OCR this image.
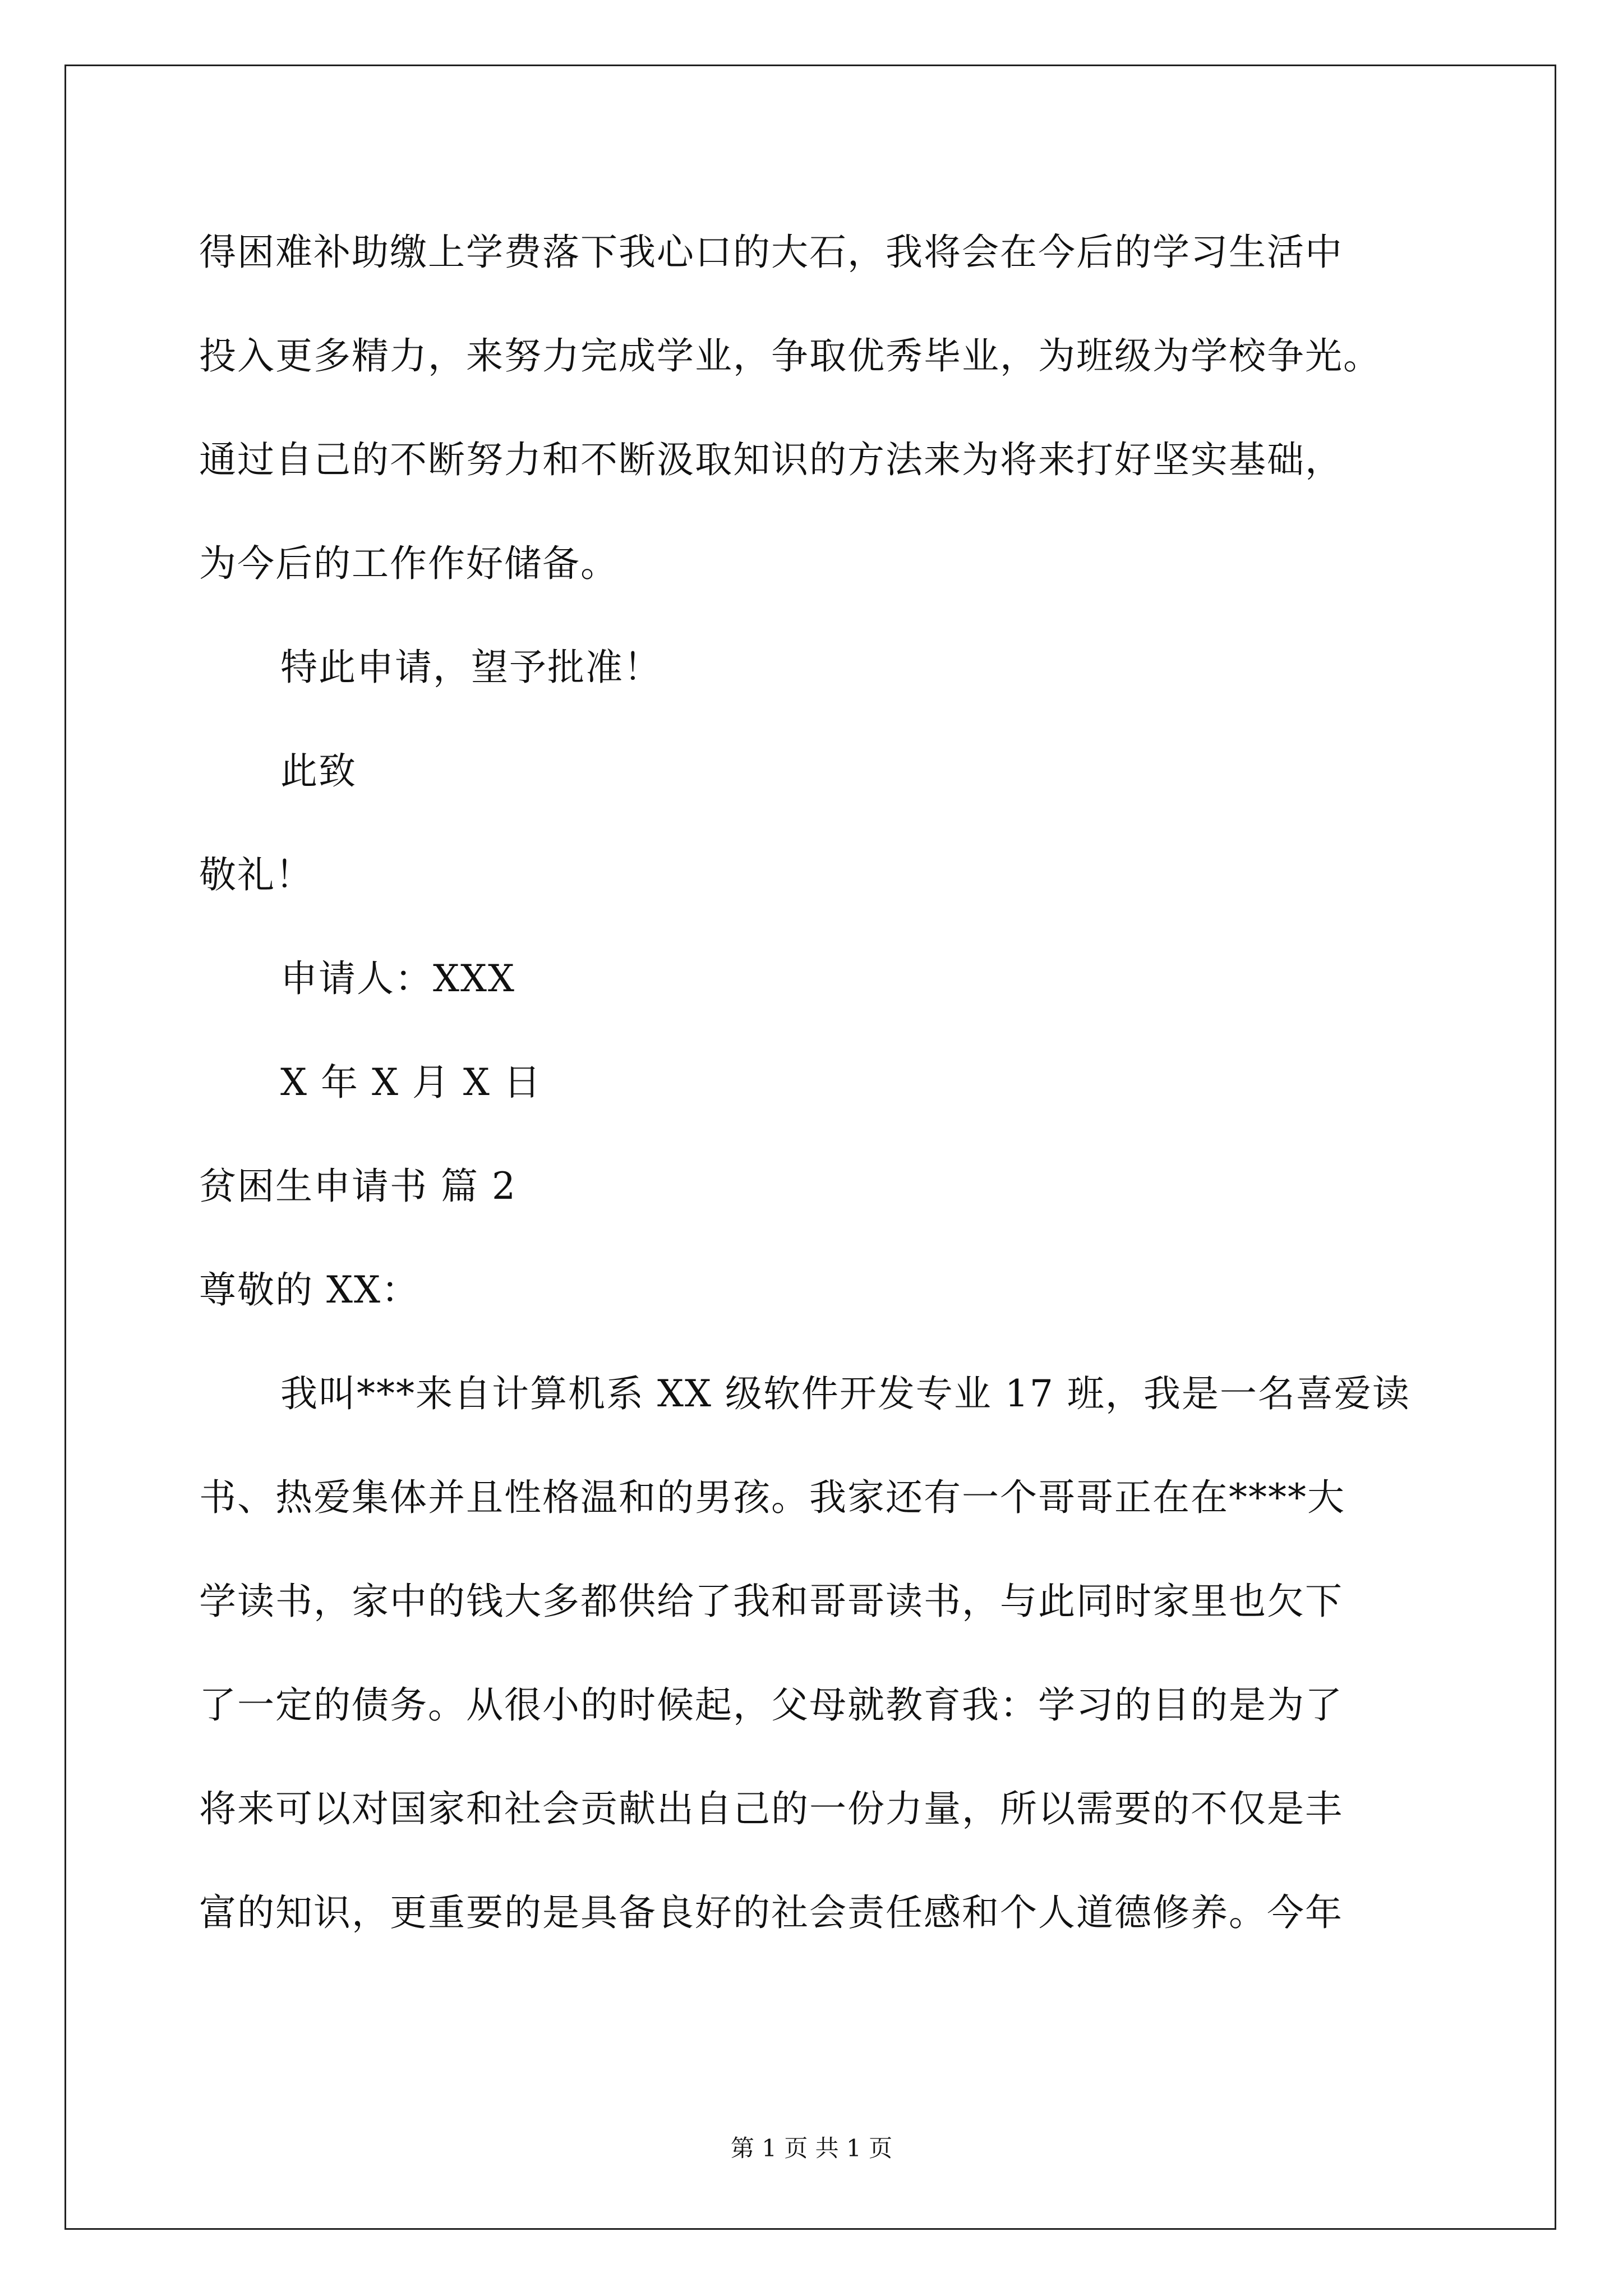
得困难补助缴上学费落下我心口的大石，我将会在今后的学习生活中
投入更多精力，来努力完成学业，争取优秀毕业，为班级为学校争光。
通过自己的不断努力和不断汲取知识的方法来为将来打好坚实基础，
为今后的工作作好储备。
特此申请，望予批准！
此致
敬礼！
申请人：XXX
X 年 X 月 X 日
贫困生申请书 篇 2
尊敬的 XX：
我叫***来自计算机系 XX 级软件开发专业 17 班，我是一名喜爱读
书、热爱集体并且性格温和的男孩。我家还有一个哥哥正在在****大
学读书，家中的钱大多都供给了我和哥哥读书，与此同时家里也欠下
了一定的债务。从很小的时候起，父母就教育我：学习的目的是为了
将来可以对国家和社会贡献出自己的一份力量，所以需要的不仅是丰
富的知识，更重要的是具备良好的社会责任感和个人道德修养。今年
第 1 页 共 1 页
